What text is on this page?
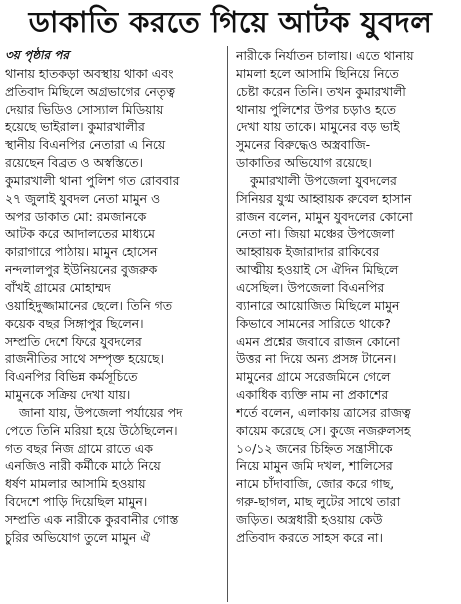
ডাকাতি করতে গিয়ে আটক যুবদল
৩য় পৃষ্ঠার পর
থানায় হাতকড়া অবস্থায় থাকা এবং
প্রতিবাদ মিছিলে অগ্রভাগের নেতৃত্ব
দেয়ার ভিডিও সোস্যাল মিডিয়ায়
হয়েছে ভাইরাল। কুমারখালীর
স্থানীয় বিএনপির নেতারা এ নিয়ে
রয়েছেন বিব্রত ও অস্বস্তিতে।
কুমারখালী থানা পুলিশ গত রোববার
২৭ জুলাই যুবদল নেতা মামুন ও
অপর ডাকাত মো: রমজানকে
আটক করে আদালতের মাধ্যমে
কারাগারে পাঠায়। মামুন হোসেন
নন্দলালপুর ইউনিয়নের বুজরুক
বাঁখই গ্রামের মোহাম্মদ
ওয়াহিদুজ্জামানের ছেলে। তিনি গত
কয়েক বছর সিঙ্গাপুর ছিলেন।
সম্প্রতি দেশে ফিরে যুবদলের
রাজনীতির সাথে সম্পৃক্ত হয়েছে।
বিএনপির বিভিন্ন কর্মসূচিতে
মামুনকে সক্রিয় দেখা যায়।
জানা যায়, উপজেলা পর্যায়ের পদ
পেতে তিনি মরিয়া হয়ে উঠেছিলেন।
গত বছর নিজ গ্রামে রাতে এক
এনজিও নারী কর্মীকে মাঠে নিয়ে
ধর্ষণ মামলার আসামি হওয়ায়
বিদেশে পাড়ি দিয়েছিল মামুন।
সম্প্রতি এক নারীকে কুরবানীর গোস্ত
চুরির অভিযোগ তুলে মামুন ঐ
নারীকে নির্যাতন চালায়। এতে থানায়
মামলা হলে আসামি ছিনিয়ে নিতে
চেষ্টা করেন তিনি। তখন কুমারখালী
থানায় পুলিশের উপর চড়াও হতে
দেখা যায় তাকে। মামুনের বড় ভাই
সুমনের বিরুদ্ধেও অস্ত্রবাজি-
ডাকাতির অভিযোগ রয়েছে।
কুমারখালী উপজেলা যুবদলের
সিনিয়র যুগ্ম আহ্বায়ক রুবেল হাসান
রাজন বলেন, মামুন যুবদলের কোনো
নেতা না। জিয়া মঞ্চের উপজেলা
আহ্বায়ক ইজারাদার রাকিবের
আত্মীয় হওয়াই সে ঐদিন মিছিলে
এসেছিল। উপজেলা বিএনপির
ব্যানারে আয়োজিত মিছিলে মামুন
কিভাবে সামনের সারিতে থাকে?
এমন প্রশ্নের জবাবে রাজন কোনো
উত্তর না দিয়ে অন্য প্রসঙ্গ টানেন।
মামুনের গ্রামে সরেজমিনে গেলে
একাধিক ব্যক্তি নাম না প্রকাশের
শর্তে বলেন, এলাকায় ত্রাসের রাজত্ব
কায়েম করেছে সে। কুজে নজরুলসহ
১০/১২ জনের চিহ্নিত সন্ত্রাসীকে
নিয়ে মামুন জমি দখল, শালিসের
নামে চাঁদাবাজি, জোর করে গাছ,
গরু-ছাগল, মাছ লুটের সাথে তারা
জড়িত। অস্ত্রধারী হওয়ায় কেউ
প্রতিবাদ করতে সাহস করে না।
